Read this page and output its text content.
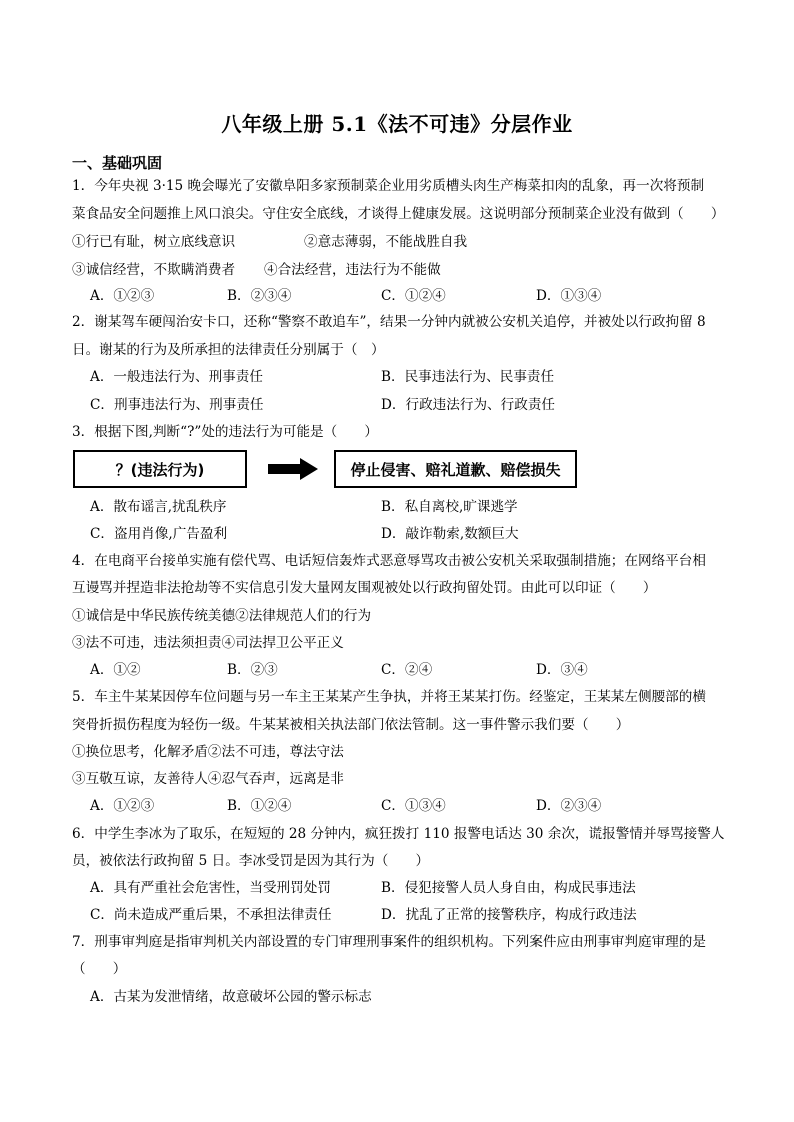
八年级上册 5.1《法不可违》分层作业
一、基础巩固
1．今年央视 3·15 晚会曝光了安徽阜阳多家预制菜企业用劣质槽头肉生产梅菜扣肉的乱象，再一次将预制
菜食品安全问题推上风口浪尖。守住安全底线，才谈得上健康发展。这说明部分预制菜企业没有做到（　　）
①行已有耻，树立底线意识	②意志薄弱，不能战胜自我
③诚信经营，不欺瞒消费者 ④合法经营，违法行为不能做
A．①②③	B．②③④	C．①②④	D．①③④
2．谢某驾车硬闯治安卡口，还称“警察不敢追车”，结果一分钟内就被公安机关追停，并被处以行政拘留 8
日。谢某的行为及所承担的法律责任分别属于（　）
A．一般违法行为、刑事责任	B．民事违法行为、民事责任
C．刑事违法行为、刑事责任	D．行政违法行为、行政责任
3．根据下图,判断“?”处的违法行为可能是（　　）
？(违法行为)	停止侵害、赔礼道歉、赔偿损失
A．散布谣言,扰乱秩序	B．私自离校,旷课逃学
C．盗用肖像,广告盈利	D．敲诈勒索,数额巨大
4．在电商平台接单实施有偿代骂、电话短信轰炸式恶意辱骂攻击被公安机关采取强制措施；在网络平台相
互谩骂并捏造非法抢劫等不实信息引发大量网友围观被处以行政拘留处罚。由此可以印证（　　）
①诚信是中华民族传统美德②法律规范人们的行为
③法不可违，违法须担责④司法捍卫公平正义
A．①②	B．②③	C．②④	D．③④
5．车主牛某某因停车位问题与另一车主王某某产生争执，并将王某某打伤。经鉴定，王某某左侧腰部的横
突骨折损伤程度为轻伤一级。牛某某被相关执法部门依法管制。这一事件警示我们要（　　）
①换位思考，化解矛盾②法不可违，尊法守法
③互敬互谅，友善待人④忍气吞声，远离是非
A．①②③	B．①②④	C．①③④	D．②③④
6．中学生李冰为了取乐，在短短的 28 分钟内，疯狂拨打 110 报警电话达 30 余次，谎报警情并辱骂接警人
员，被依法行政拘留 5 日。李冰受罚是因为其行为（　　）
A．具有严重社会危害性，当受刑罚处罚	B．侵犯接警人员人身自由，构成民事违法
C．尚未造成严重后果，不承担法律责任	D．扰乱了正常的接警秩序，构成行政违法
7．刑事审判庭是指审判机关内部设置的专门审理刑事案件的组织机构。下列案件应由刑事审判庭审理的是
（　　）
A．古某为发泄情绪，故意破坏公园的警示标志
